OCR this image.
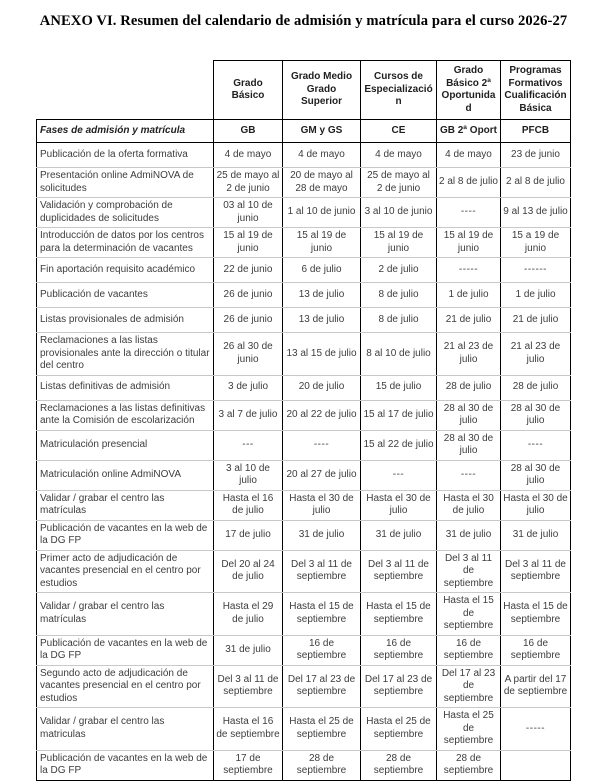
ANEXO VI. Resumen del calendario de admisión y matrícula para el curso 2026-27
	Grado Básico	Grado Medio Grado Superior	Cursos de Especialización	Grado Básico 2ª Oportunidad	Programas Formativos Cualificación Básica
Fases de admisión y matrícula	GB	GM y GS	CE	GB 2ª Oport	PFCB
Publicación de la oferta formativa	4 de mayo	4 de mayo	4 de mayo	4 de mayo	23 de junio
Presentación online AdmiNOVA de solicitudes	25 de mayo al 2 de junio	20 de mayo al 28 de mayo	25 de mayo al 2 de junio	2 al 8 de julio	2 al 8 de julio
Validación y comprobación de duplicidades de solicitudes	03 al 10 de junio	1 al 10 de junio	3 al 10 de junio	----	9 al 13 de julio
Introducción de datos por los centros para la determinación de vacantes	15 al 19 de junio	15 al 19 de junio	15 al 19 de junio	15 al 19 de junio	15 a 19 de junio
Fin aportación requisito académico	22 de junio	6 de julio	2 de julio	-----	------
Publicación de vacantes	26 de junio	13 de julio	8 de julio	1 de julio	1 de julio
Listas provisionales de admisión	26 de junio	13 de julio	8 de julio	21 de julio	21 de julio
Reclamaciones a las listas provisionales ante la dirección o titular del centro	26 al 30 de junio	13 al 15 de julio	8 al 10 de julio	21 al 23 de julio	21 al 23 de julio
Listas definitivas de admisión	3 de julio	20 de julio	15 de julio	28 de julio	28 de julio
Reclamaciones a las listas definitivas ante la Comisión de escolarización	3 al 7 de julio	20 al 22 de julio	15 al 17 de julio	28 al 30 de julio	28 al 30 de julio
Matriculación presencial	---	----	15 al 22 de julio	28 al 30 de julio	----
Matriculación online AdmiNOVA	3 al 10 de julio	20 al 27 de julio	---	----	28 al 30 de julio
Validar / grabar el centro las matrículas	Hasta el 16 de julio	Hasta el 30 de julio	Hasta el 30 de julio	Hasta el 30 de julio	Hasta el 30 de julio
Publicación de vacantes en la web de la DG FP	17 de julio	31 de julio	31 de julio	31 de julio	31 de julio
Primer acto de adjudicación de vacantes presencial en el centro por estudios	Del 20 al 24 de julio	Del 3 al 11 de septiembre	Del 3 al 11 de septiembre	Del 3 al 11 de septiembre	Del 3 al 11 de septiembre
Validar / grabar el centro las matrículas	Hasta el 29 de julio	Hasta el 15 de septiembre	Hasta el 15 de septiembre	Hasta el 15 de septiembre	Hasta el 15 de septiembre
Publicación de vacantes en la web de la DG FP	31 de julio	16 de septiembre	16 de septiembre	16 de septiembre	16 de septiembre
Segundo acto de adjudicación de vacantes presencial en el centro por estudios	Del 3 al 11 de septiembre	Del 17 al 23 de septiembre	Del 17 al 23 de septiembre	Del 17 al 23 de septiembre	A partir del 17 de septiembre
Validar / grabar el centro las matriculas	Hasta el 16 de septiembre	Hasta el 25 de septiembre	Hasta el 25 de septiembre	Hasta el 25 de septiembre	-----
Publicación de vacantes en la web de la DG FP	17 de septiembre	28 de septiembre	28 de septiembre	28 de septiembre	
